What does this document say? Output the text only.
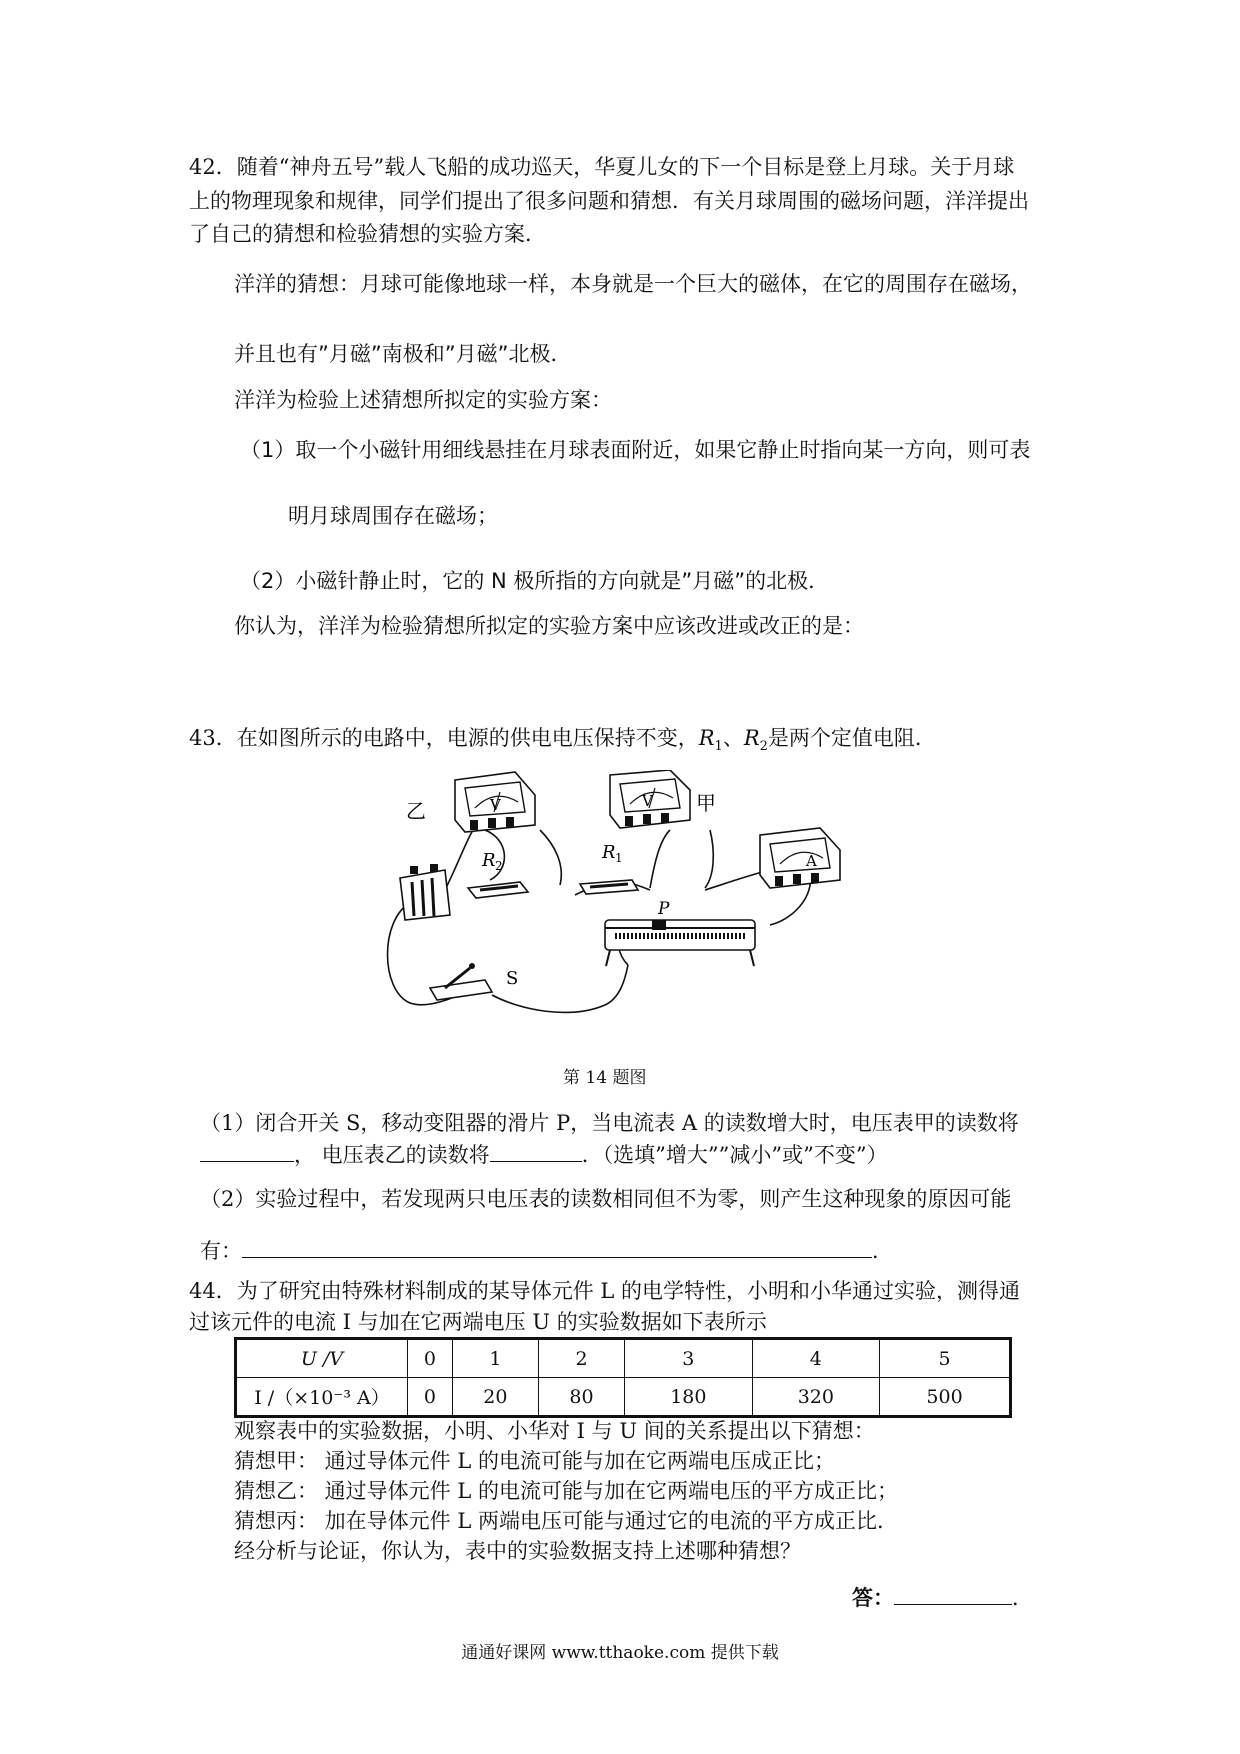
42．随着“神舟五号”载人飞船的成功巡天，华夏儿女的下一个目标是登上月球。关于月球
上的物理现象和规律，同学们提出了很多问题和猜想．有关月球周围的磁场问题，洋洋提出
了自己的猜想和检验猜想的实验方案．
洋洋的猜想：月球可能像地球一样，本身就是一个巨大的磁体，在它的周围存在磁场，
并且也有”月磁”南极和”月磁”北极．
洋洋为检验上述猜想所拟定的实验方案：
（1）取一个小磁针用细线悬挂在月球表面附近，如果它静止时指向某一方向，则可表
明月球周围存在磁场；
（2）小磁针静止时，它的 N 极所指的方向就是”月磁”的北极．
你认为，洋洋为检验猜想所拟定的实验方案中应该改进或改正的是：
43．在如图所示的电路中，电源的供电电压保持不变，$R_1$、$R_2$是两个定值电阻．
乙	V	甲
V
A
R 2
R 1
P
S
第 14 题图
（1）闭合开关 S，移动变阻器的滑片 P，当电流表 A 的读数增大时，电压表甲的读数将
， 电压表乙的读数将	．（选填”增大””减小”或”不变”）
（2）实验过程中，若发现两只电压表的读数相同但不为零，则产生这种现象的原因可能
有：	．
44．为了研究由特殊材料制成的某导体元件 L 的电学特性，小明和小华通过实验，测得通
过该元件的电流 I 与加在它两端电压 U 的实验数据如下表所示
U /V	0	1	2	3	4	5
I /（×10⁻³ A）	0	20	80	180	320	500
观察表中的实验数据，小明、小华对 I 与 U 间的关系提出以下猜想：
猜想甲： 通过导体元件 L 的电流可能与加在它两端电压成正比；
猜想乙： 通过导体元件 L 的电流可能与加在它两端电压的平方成正比；
猜想丙： 加在导体元件 L 两端电压可能与通过它的电流的平方成正比．
经分析与论证，你认为，表中的实验数据支持上述哪种猜想？
答：	．
通通好课网 www.tthaoke.com 提供下载
